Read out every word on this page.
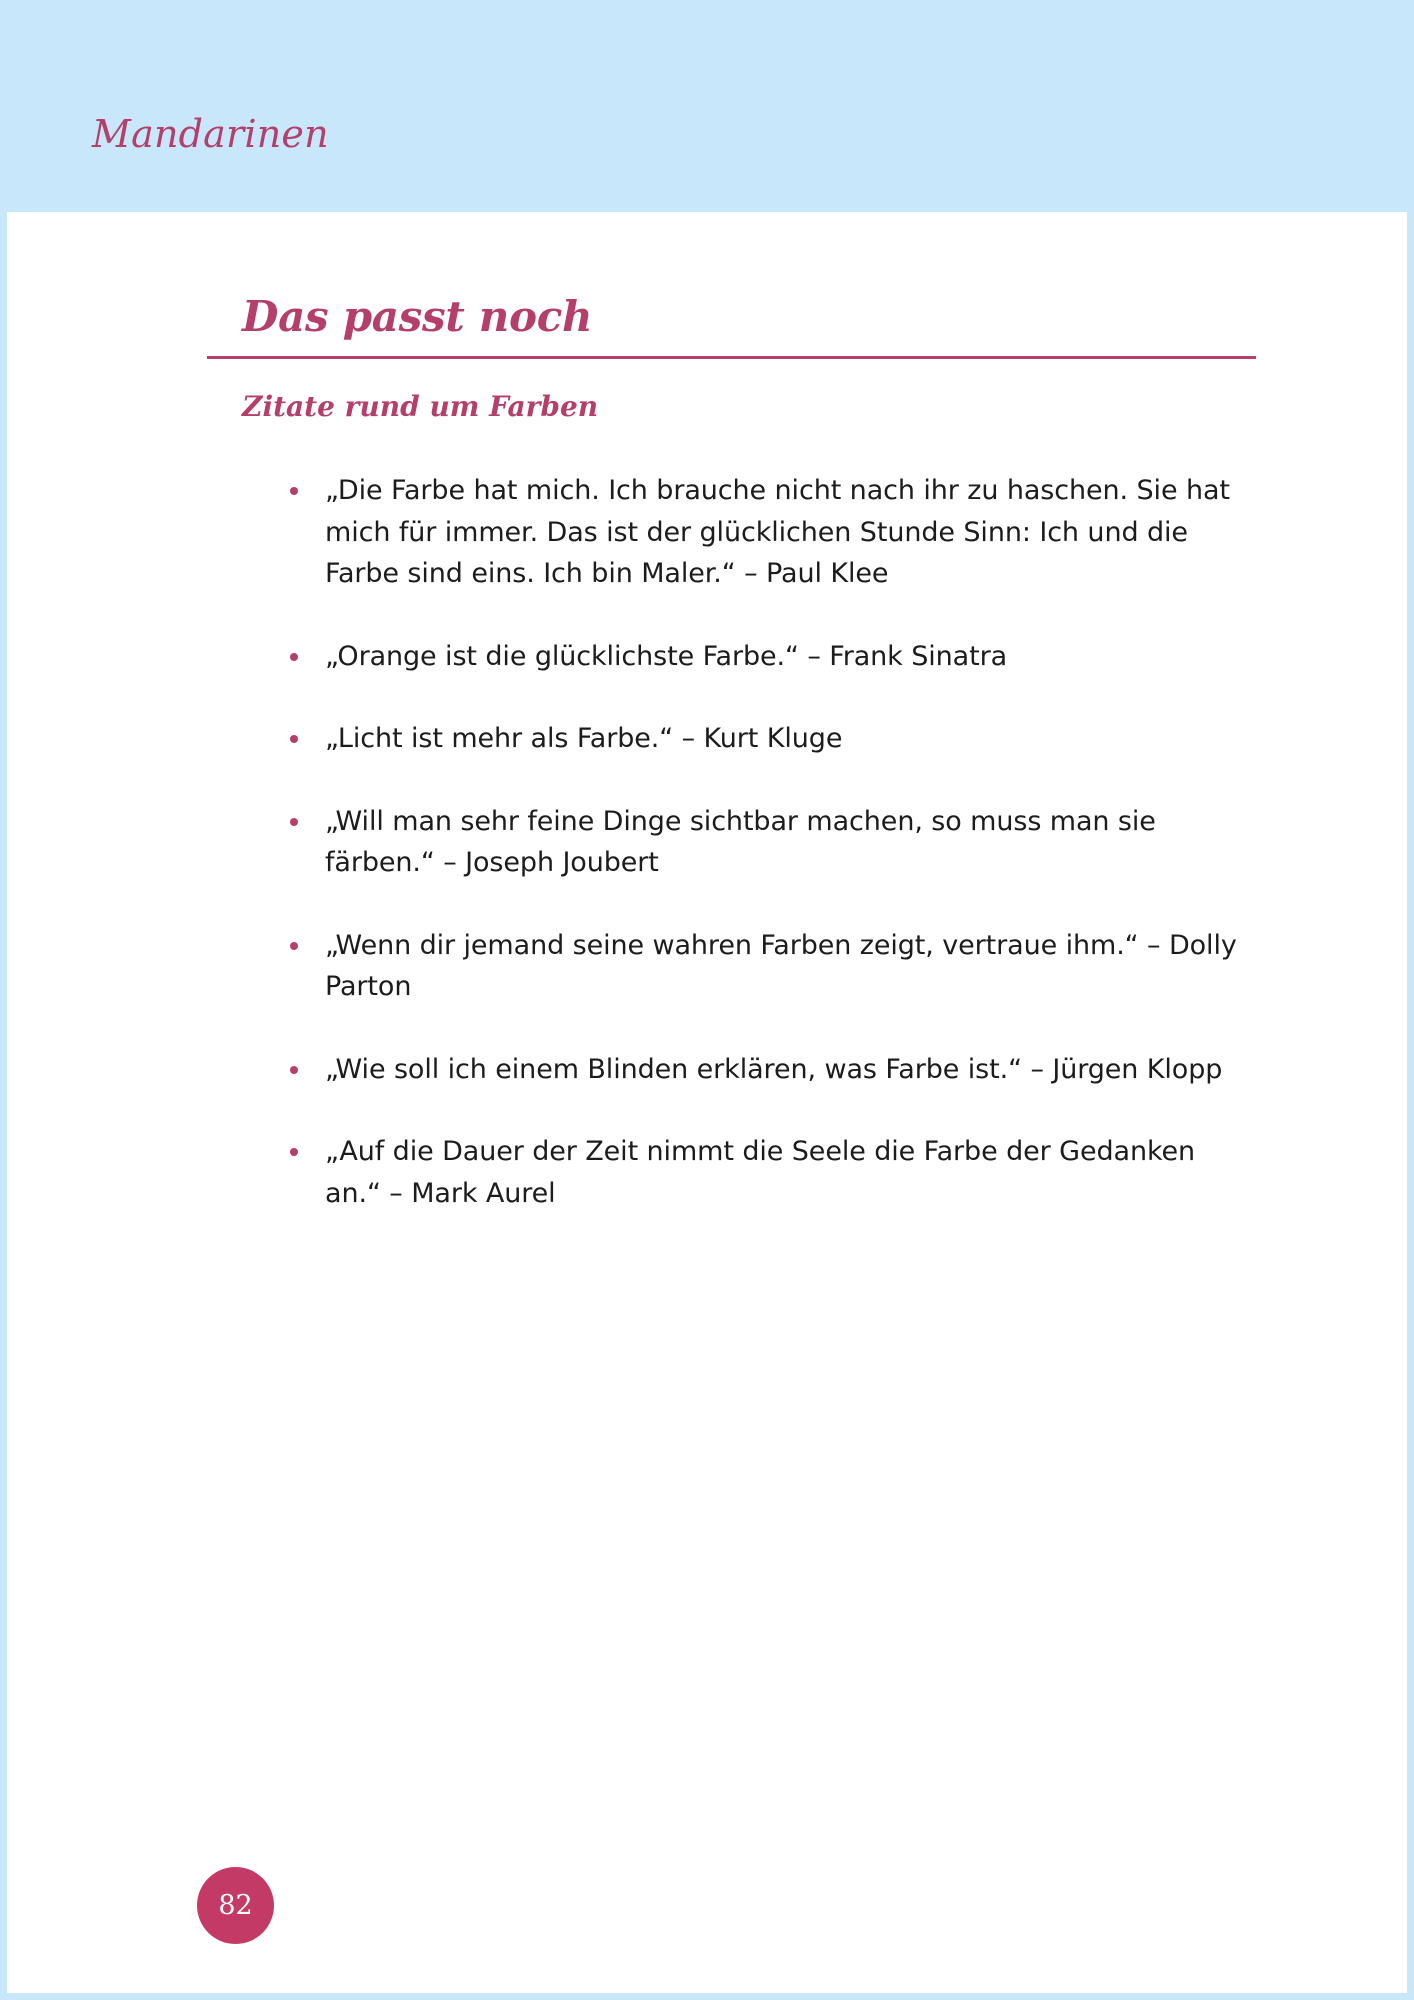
Mandarinen
Das passt noch
Zitate rund um Farben
„Die Farbe hat mich. Ich brauche nicht nach ihr zu haschen. Sie hat mich für immer. Das ist der glücklichen Stunde Sinn: Ich und die Farbe sind eins. Ich bin Maler.“ – Paul Klee
„Orange ist die glücklichste Farbe.“ – Frank Sinatra
„Licht ist mehr als Farbe.“ – Kurt Kluge
„Will man sehr feine Dinge sichtbar machen, so muss man sie färben.“ – Joseph Joubert
„Wenn dir jemand seine wahren Farben zeigt, vertraue ihm.“ – Dolly Parton
„Wie soll ich einem Blinden erklären, was Farbe ist.“ – Jürgen Klopp
„Auf die Dauer der Zeit nimmt die Seele die Farbe der Gedanken an.“ – Mark Aurel
82
